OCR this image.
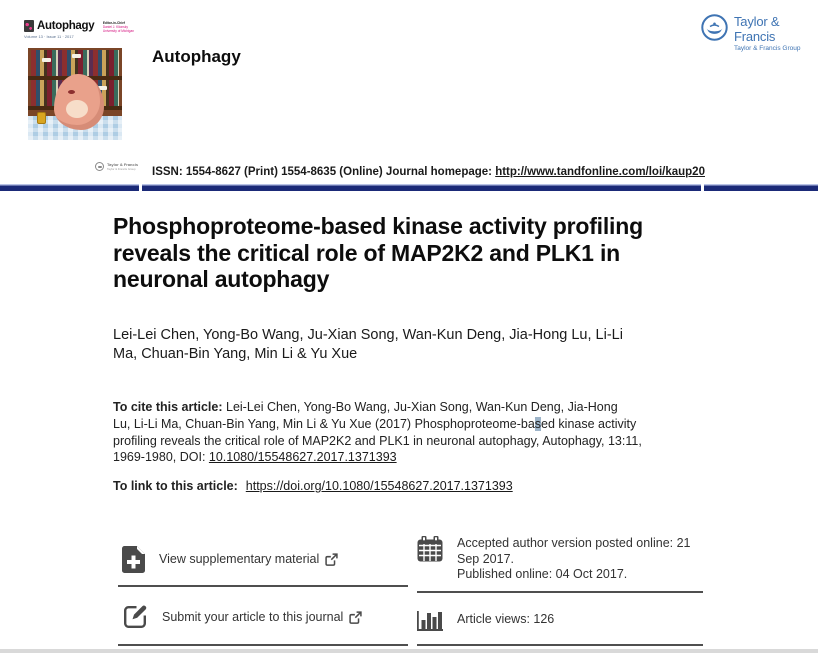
Autophagy
Volume 13 · Issue 11 · 2017
Editor-in-Chief
Daniel J. Klionsky
University of Michigan
Taylor & Francis
Taylor & Francis Group
Taylor & Francis
Taylor & Francis Group
Autophagy
ISSN: 1554-8627 (Print) 1554-8635 (Online) Journal homepage: http://www.tandfonline.com/loi/kaup20
Phosphoproteome-based kinase activity profiling
reveals the critical role of MAP2K2 and PLK1 in
neuronal autophagy
Lei-Lei Chen, Yong-Bo Wang, Ju-Xian Song, Wan-Kun Deng, Jia-Hong Lu, Li-Li
Ma, Chuan-Bin Yang, Min Li & Yu Xue
To cite this article: Lei-Lei Chen, Yong-Bo Wang, Ju-Xian Song, Wan-Kun Deng, Jia-Hong
Lu, Li-Li Ma, Chuan-Bin Yang, Min Li & Yu Xue (2017) Phosphoproteome-based kinase activity
profiling reveals the critical role of MAP2K2 and PLK1 in neuronal autophagy, Autophagy, 13:11,
1969-1980, DOI: 10.1080/15548627.2017.1371393
To link to this article: https://doi.org/10.1080/15548627.2017.1371393
View supplementary material
Submit your article to this journal
Accepted author version posted online: 21 Sep 2017.
Published online: 04 Oct 2017.
Article views: 126
